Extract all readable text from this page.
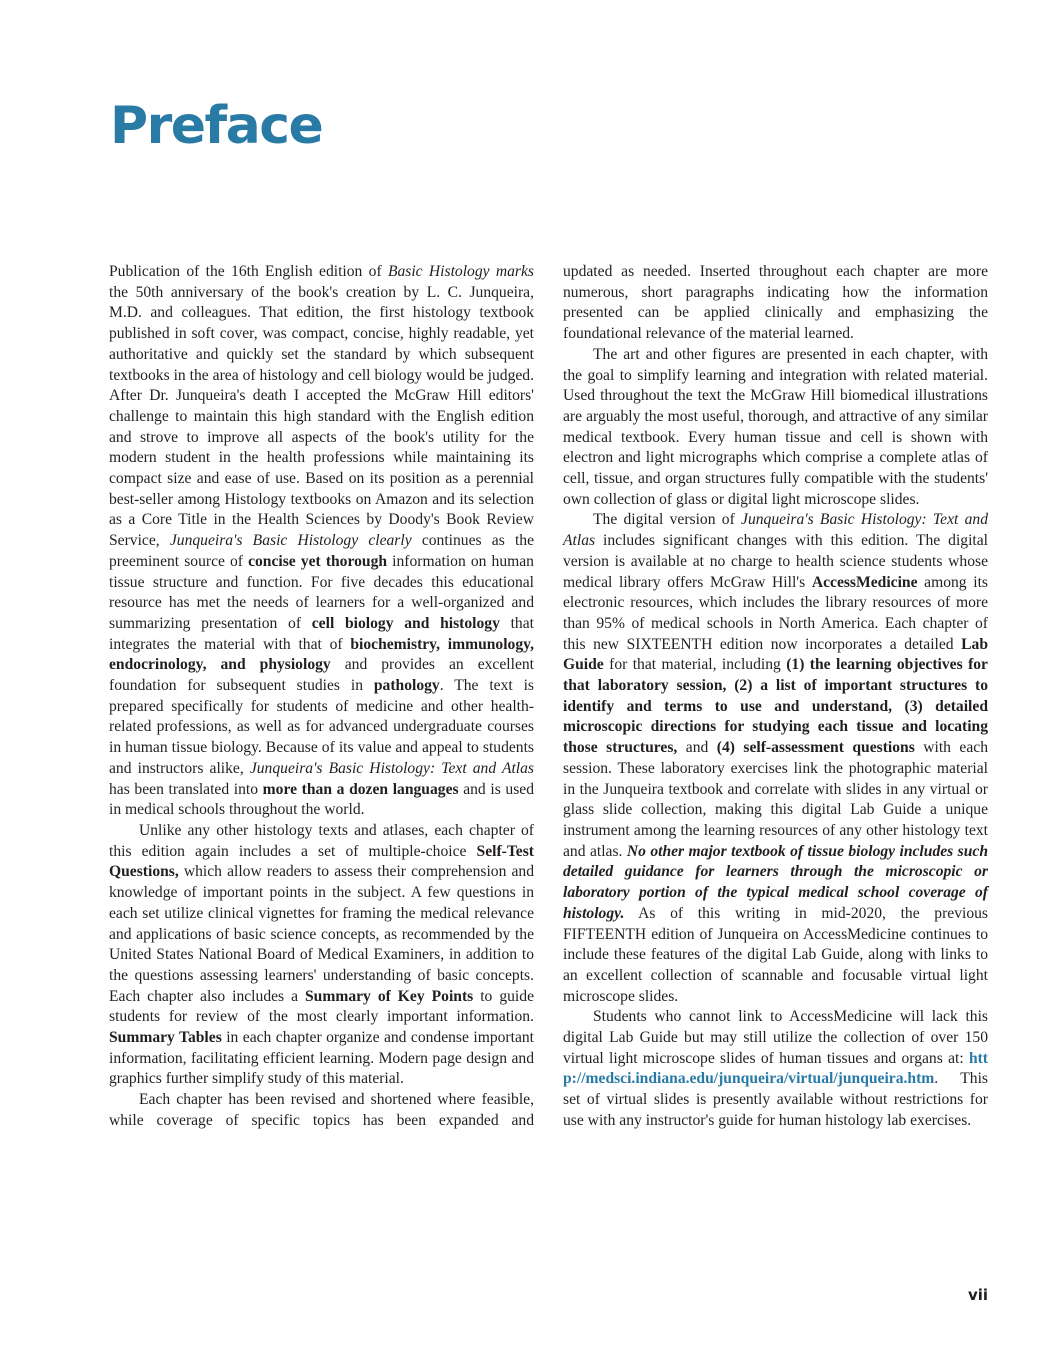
Preface

Publication of the 16th English edition of Basic Histology marks the 50th anniversary of the book's creation by L. C. Junqueira, M.D. and colleagues. That edition, the first histology textbook published in soft cover, was compact, concise, highly readable, yet authoritative and quickly set the standard by which subsequent textbooks in the area of histology and cell biology would be judged. After Dr. Junqueira's death I accepted the McGraw Hill editors' challenge to maintain this high standard with the English edition and strove to improve all aspects of the book's utility for the modern student in the health professions while maintaining its compact size and ease of use. Based on its position as a perennial best-seller among Histology textbooks on Amazon and its selection as a Core Title in the Health Sciences by Doody's Book Review Service, Junqueira's Basic Histology clearly continues as the preeminent source of concise yet thorough information on human tissue structure and function. For five decades this educational resource has met the needs of learners for a well-organized and summarizing presentation of cell biology and histology that integrates the material with that of biochemistry, immunology, endocrinology, and physiology and provides an excellent foundation for subsequent studies in pathology. The text is prepared specifically for students of medicine and other health-related professions, as well as for advanced undergraduate courses in human tissue biology. Because of its value and appeal to students and instructors alike, Junqueira's Basic Histology: Text and Atlas has been translated into more than a dozen languages and is used in medical schools throughout the world.

Unlike any other histology texts and atlases, each chapter of this edition again includes a set of multiple-choice Self-Test Questions, which allow readers to assess their comprehension and knowledge of important points in the subject. A few questions in each set utilize clinical vignettes for framing the medical relevance and applications of basic science concepts, as recommended by the United States National Board of Medical Examiners, in addition to the questions assessing learners' understanding of basic concepts. Each chapter also includes a Summary of Key Points to guide students for review of the most clearly important information. Summary Tables in each chapter organize and condense important information, facilitating efficient learning. Modern page design and graphics further simplify study of this material.

Each chapter has been revised and shortened where feasible, while coverage of specific topics has been expanded and

updated as needed. Inserted throughout each chapter are more numerous, short paragraphs indicating how the information presented can be applied clinically and emphasizing the foundational relevance of the material learned.

The art and other figures are presented in each chapter, with the goal to simplify learning and integration with related material. Used throughout the text the McGraw Hill biomedical illustrations are arguably the most useful, thorough, and attractive of any similar medical textbook. Every human tissue and cell is shown with electron and light micrographs which comprise a complete atlas of cell, tissue, and organ structures fully compatible with the students' own collection of glass or digital light microscope slides.

The digital version of Junqueira's Basic Histology: Text and Atlas includes significant changes with this edition. The digital version is available at no charge to health science students whose medical library offers McGraw Hill's AccessMedicine among its electronic resources, which includes the library resources of more than 95% of medical schools in North America. Each chapter of this new SIXTEENTH edition now incorporates a detailed Lab Guide for that material, including (1) the learning objectives for that laboratory session, (2) a list of important structures to identify and terms to use and understand, (3) detailed microscopic directions for studying each tissue and locating those structures, and (4) self-assessment questions with each session. These laboratory exercises link the photographic material in the Junqueira textbook and correlate with slides in any virtual or glass slide collection, making this digital Lab Guide a unique instrument among the learning resources of any other histology text and atlas. No other major textbook of tissue biology includes such detailed guidance for learners through the microscopic or laboratory portion of the typical medical school coverage of histology. As of this writing in mid-2020, the previous FIFTEENTH edition of Junqueira on AccessMedicine continues to include these features of the digital Lab Guide, along with links to an excellent collection of scannable and focusable virtual light microscope slides.

Students who cannot link to AccessMedicine will lack this digital Lab Guide but may still utilize the collection of over 150 virtual light microscope slides of human tissues and organs at: http://medsci.indiana.edu/junqueira/virtual/junqueira.htm. This set of virtual slides is presently available without restrictions for use with any instructor's guide for human histology lab exercises.

vii
